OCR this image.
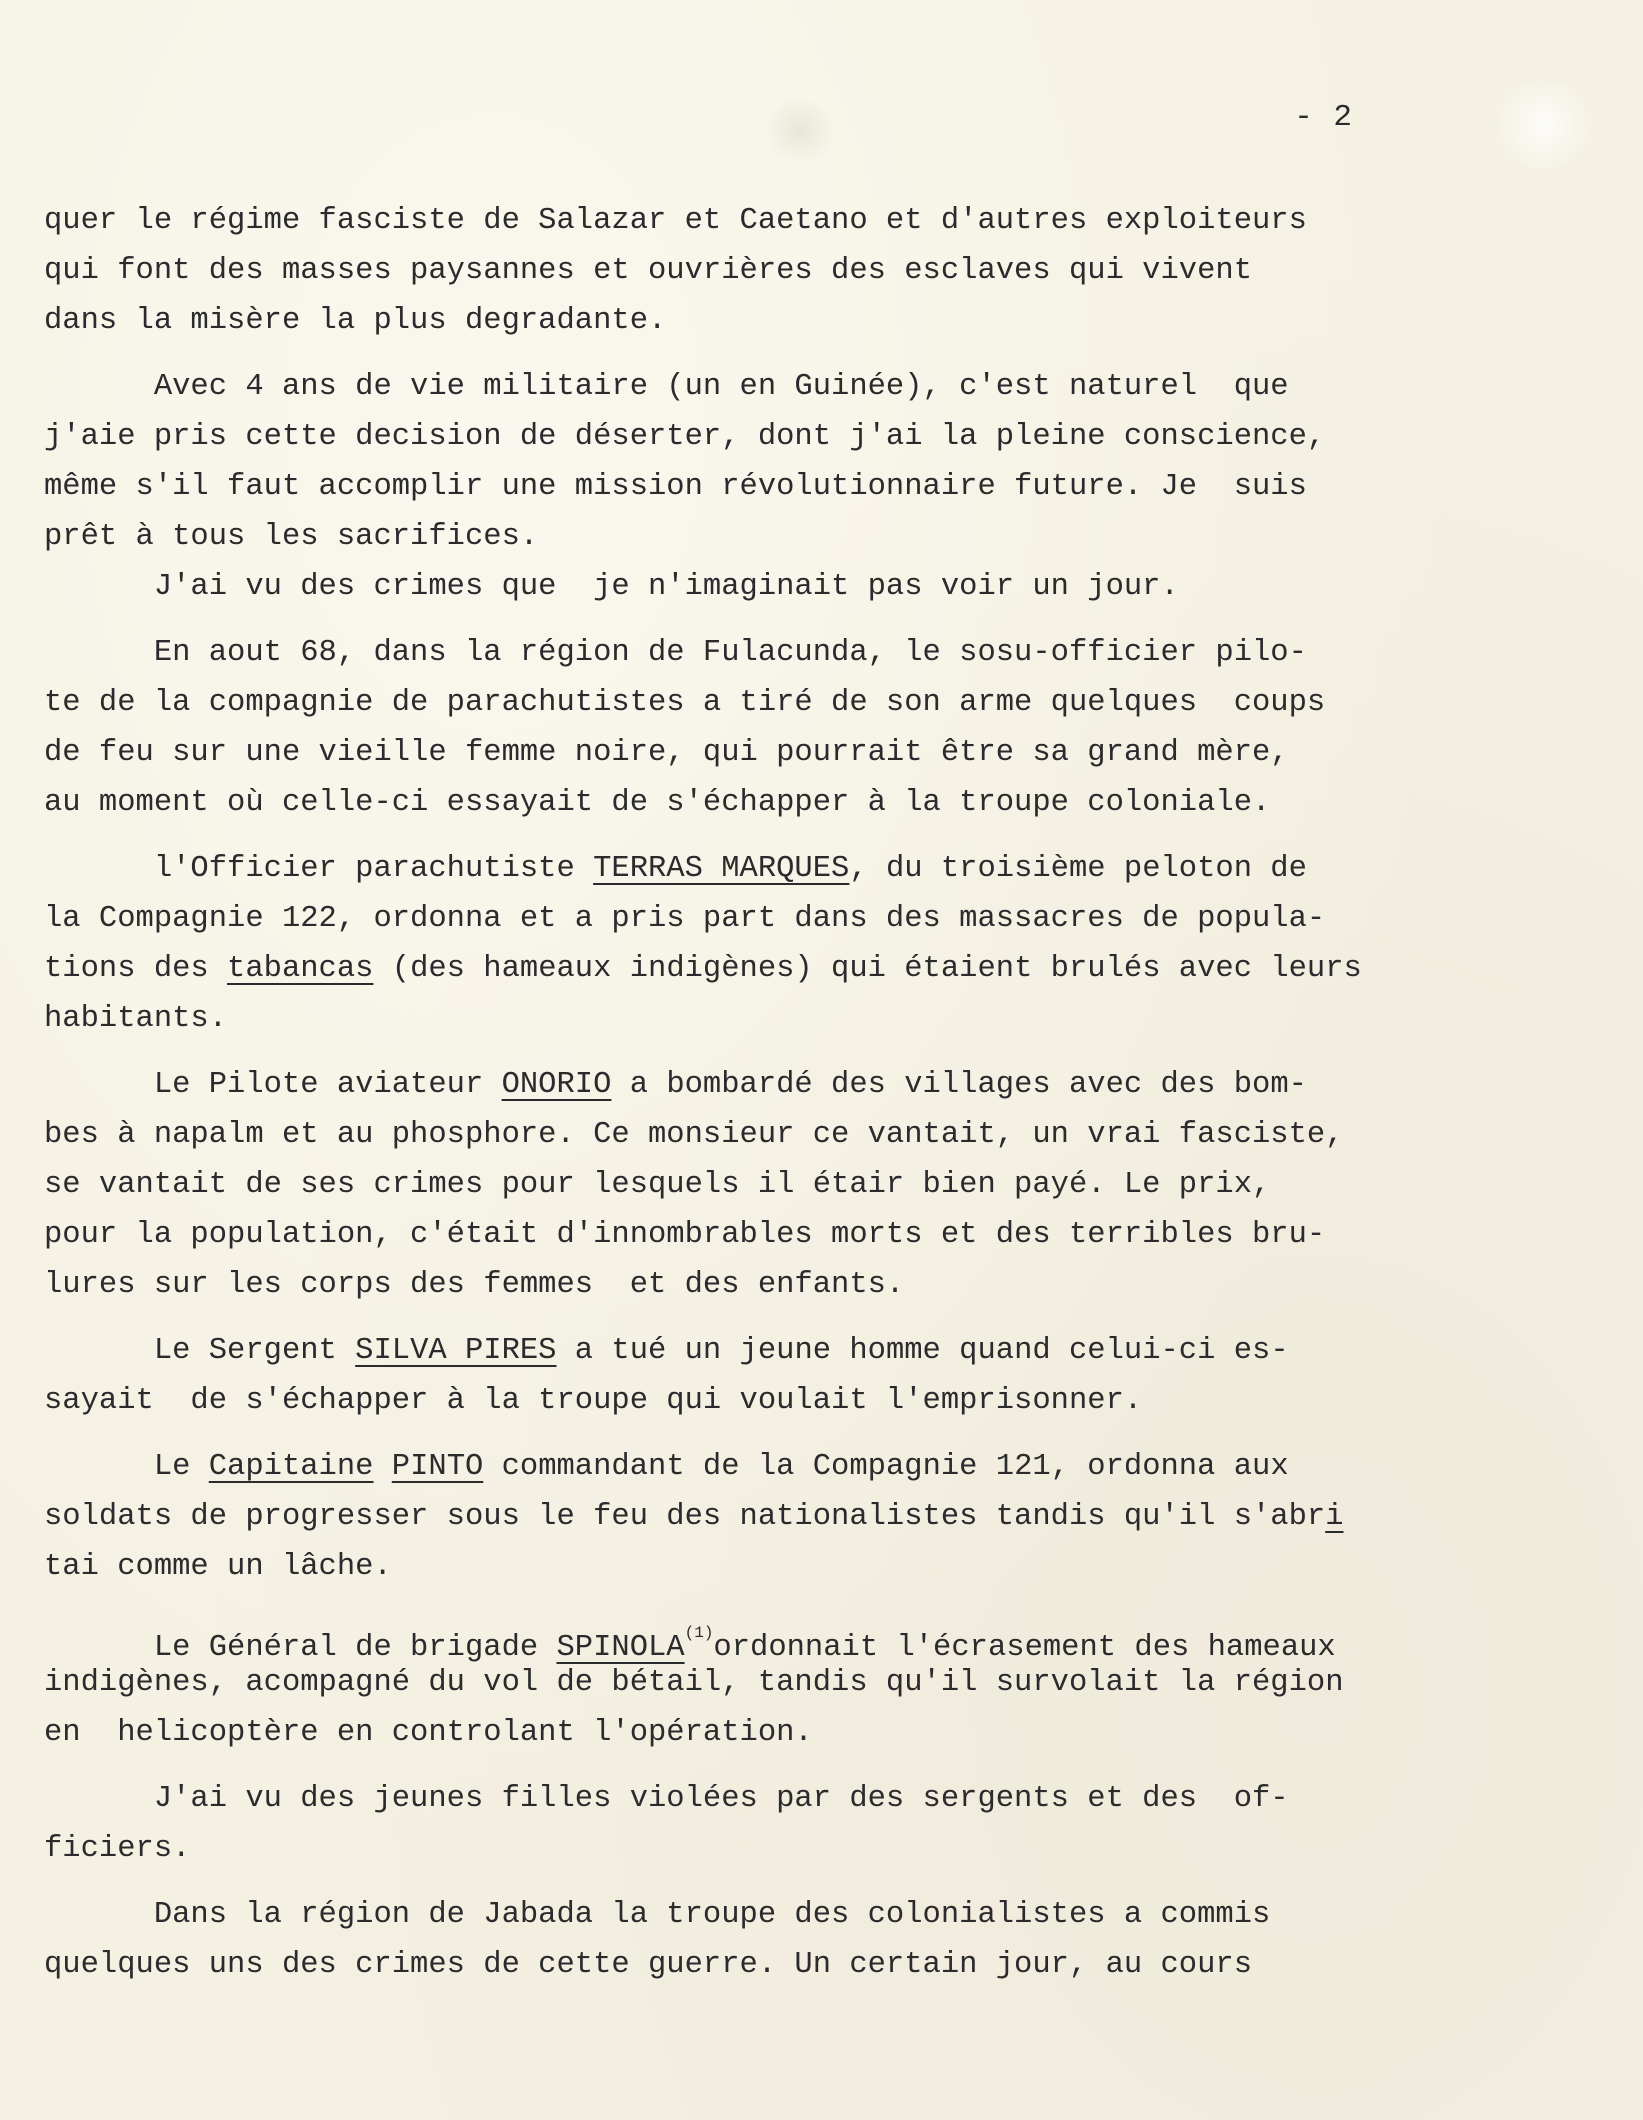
- 2
quer le régime fasciste de Salazar et Caetano et d'autres exploiteurs
qui font des masses paysannes et ouvrières des esclaves qui vivent
dans la misère la plus degradante.
Avec 4 ans de vie militaire (un en Guinée), c'est naturel  que
j'aie pris cette decision de déserter, dont j'ai la pleine conscience,
même s'il faut accomplir une mission révolutionnaire future. Je  suis
prêt à tous les sacrifices.
J'ai vu des crimes que  je n'imaginait pas voir un jour.
En aout 68, dans la région de Fulacunda, le sosu-officier pilo-
te de la compagnie de parachutistes a tiré de son arme quelques  coups
de feu sur une vieille femme noire, qui pourrait être sa grand mère,
au moment où celle-ci essayait de s'échapper à la troupe coloniale.
l'Officier parachutiste TERRAS MARQUES, du troisième peloton de
la Compagnie 122, ordonna et a pris part dans des massacres de popula-
tions des tabancas (des hameaux indigènes) qui étaient brulés avec leurs
habitants.
Le Pilote aviateur ONORIO a bombardé des villages avec des bom-
bes à napalm et au phosphore. Ce monsieur ce vantait, un vrai fasciste,
se vantait de ses crimes pour lesquels il étair bien payé. Le prix,
pour la population, c'était d'innombrables morts et des terribles bru-
lures sur les corps des femmes  et des enfants.
Le Sergent SILVA PIRES a tué un jeune homme quand celui-ci es-
sayait  de s'échapper à la troupe qui voulait l'emprisonner.
Le Capitaine PINTO commandant de la Compagnie 121, ordonna aux
soldats de progresser sous le feu des nationalistes tandis qu'il s'abri
tai comme un lâche.
Le Général de brigade SPINOLA$^{(1)}$ordonnait l'écrasement des hameaux
indigènes, acompagné du vol de bétail, tandis qu'il survolait la région
en  helicoptère en controlant l'opération.
J'ai vu des jeunes filles violées par des sergents et des  of-
ficiers.
Dans la région de Jabada la troupe des colonialistes a commis
quelques uns des crimes de cette guerre. Un certain jour, au cours
